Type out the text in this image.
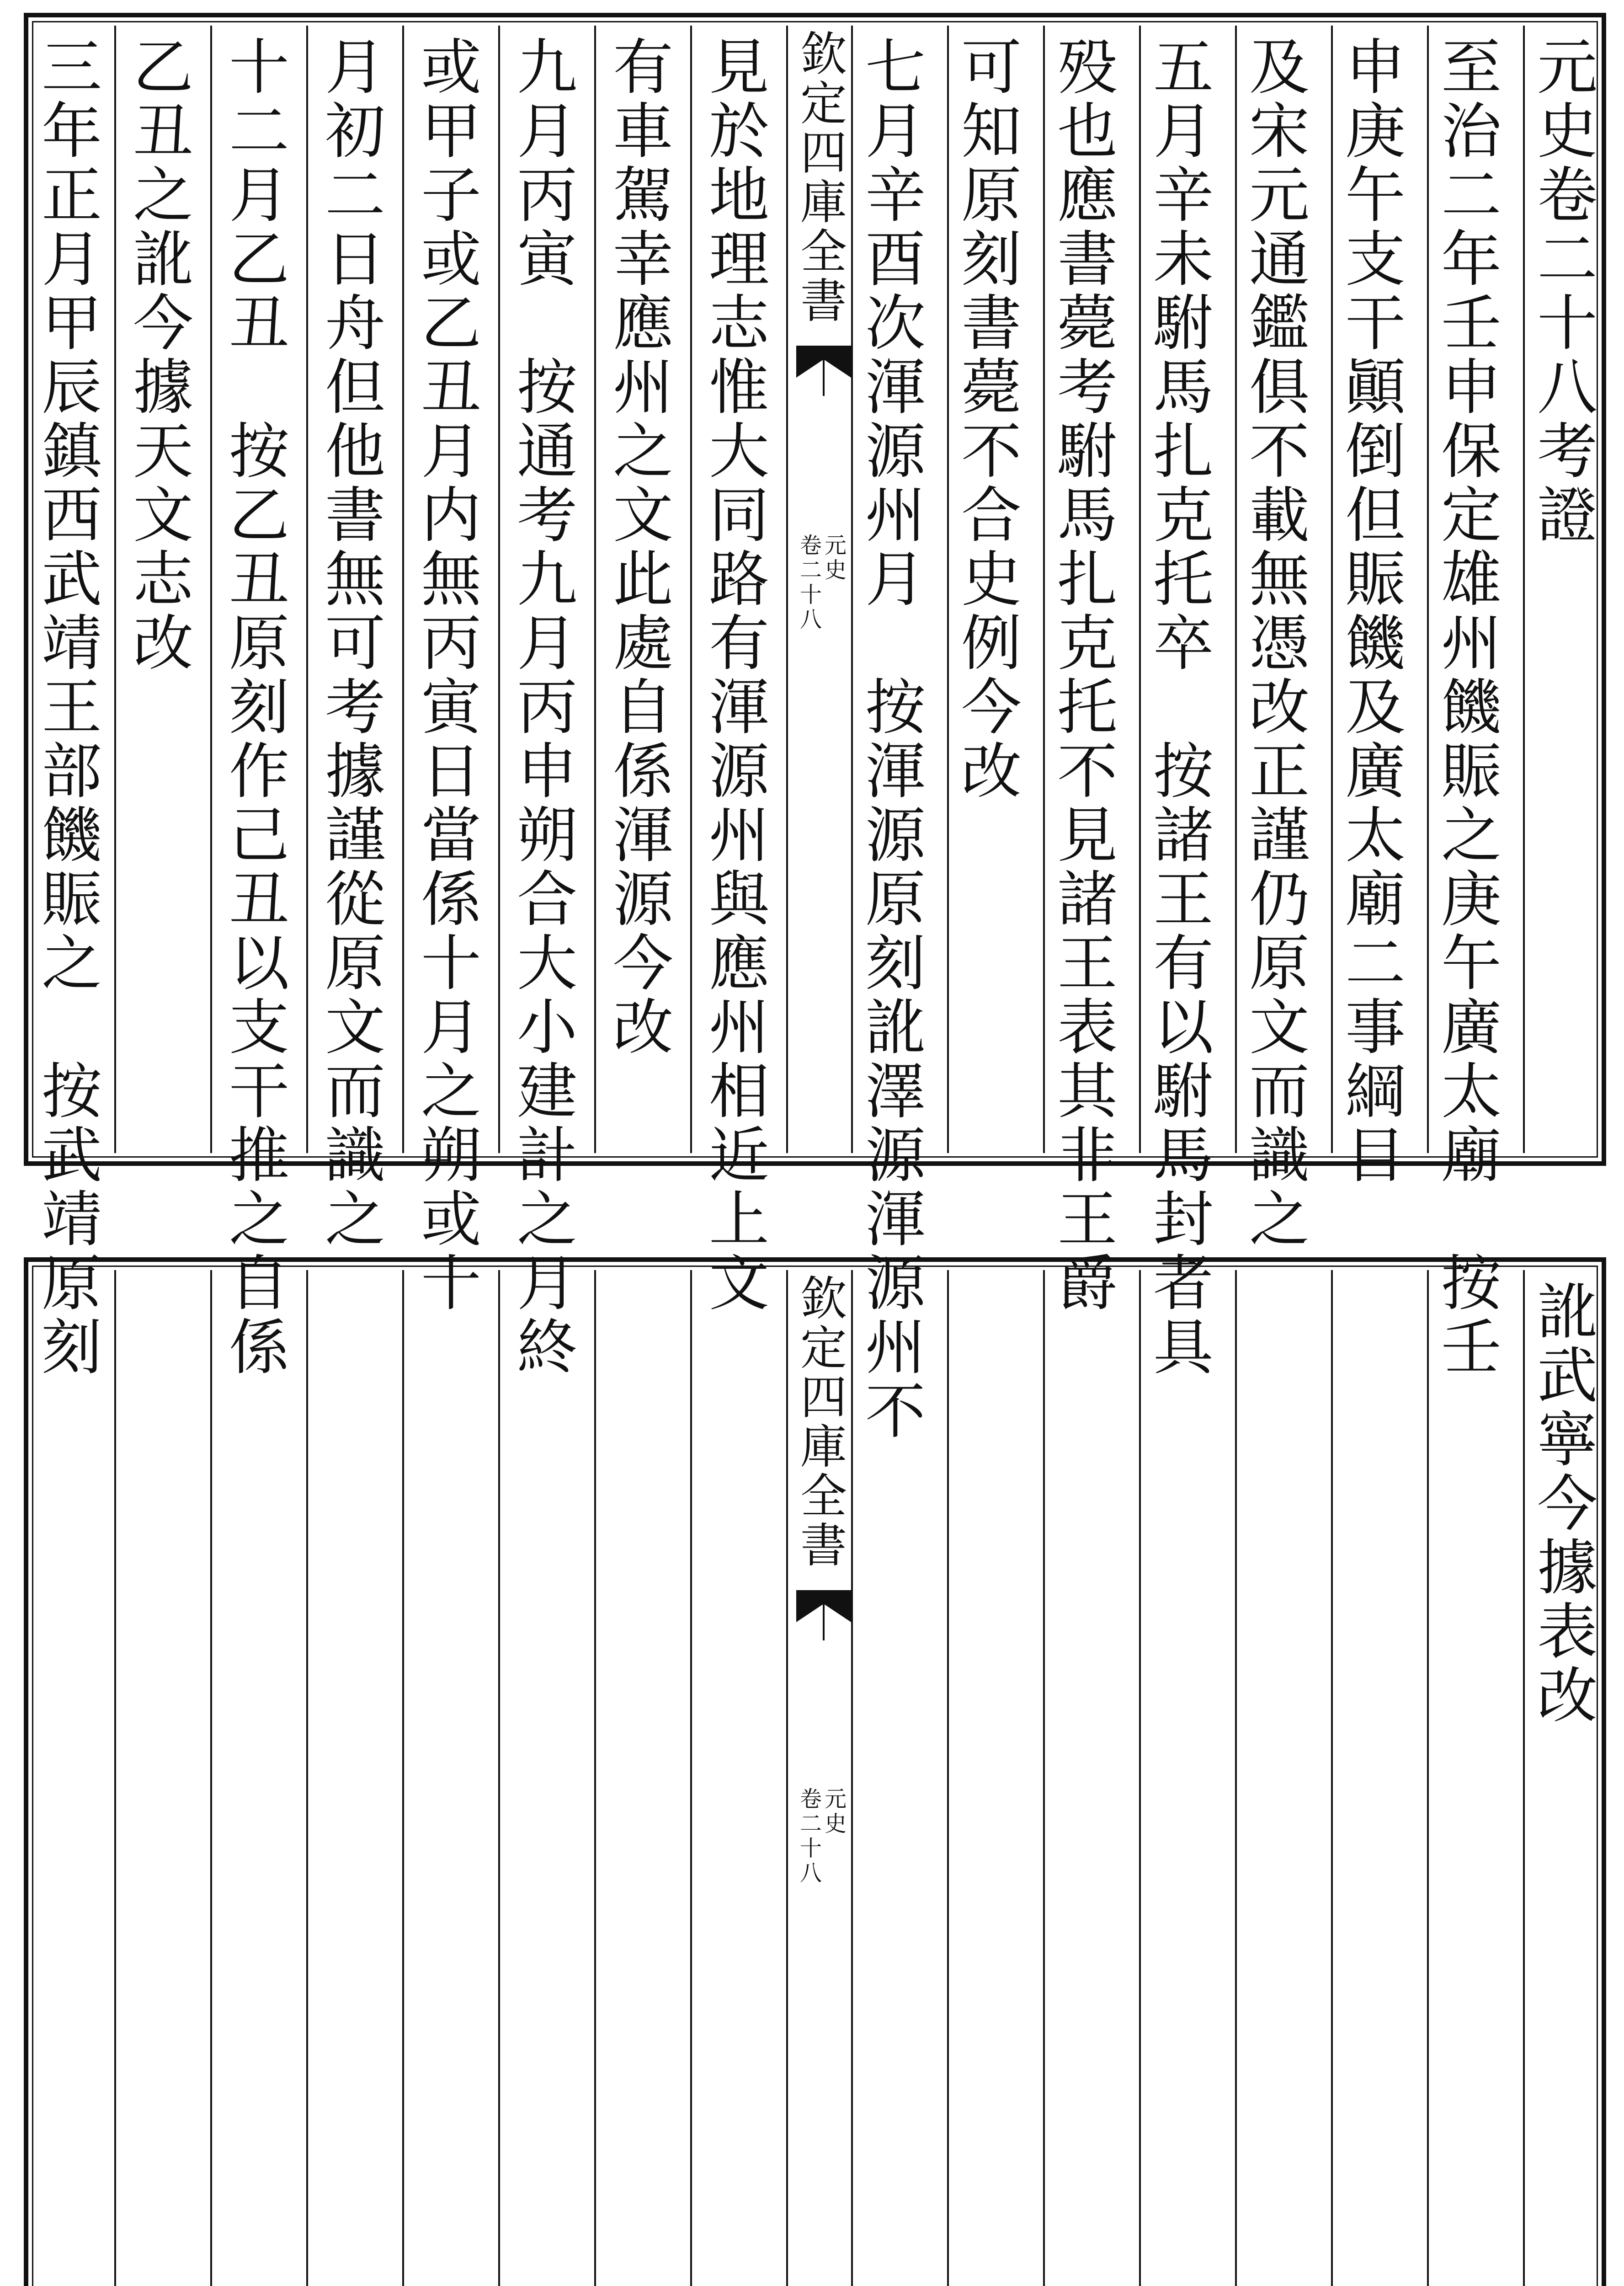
欽
定
四
庫
全
書
元
史
卷
二
十
八
元
史
卷
二
十
八
考
證
至
治
二
年
壬
申
保
定
雄
州
饑
賑
之
庚
午
廣
太
廟
按
壬
申
庚
午
支
干
顚
倒
但
賑
饑
及
廣
太
廟
二
事
綱
目
及
宋
元
通
鑑
俱
不
載
無
憑
改
正
謹
仍
原
文
而
識
之
五
月
辛
未
駙
馬
扎
克
托
卒
按
諸
王
有
以
駙
馬
封
者
具
殁
也
應
書
薨
考
駙
馬
扎
克
托
不
見
諸
王
表
其
非
王
爵
可
知
原
刻
書
薨
不
合
史
例
今
改
七
月
辛
酉
次
渾
源
州
月
按
渾
源
原
刻
訛
澤
源
渾
源
州
不
見
於
地
理
志
惟
大
同
路
有
渾
源
州
與
應
州
相
近
上
文
有
車
駕
幸
應
州
之
文
此
處
自
係
渾
源
今
改
九
月
丙
寅
按
通
考
九
月
丙
申
朔
合
大
小
建
計
之
月
終
或
甲
子
或
乙
丑
月
内
無
丙
寅
日
當
係
十
月
之
朔
或
十
月
初
二
日
舟
但
他
書
無
可
考
據
謹
從
原
文
而
識
之
十
二
月
乙
丑
按
乙
丑
原
刻
作
己
丑
以
支
干
推
之
自
係
乙
丑
之
訛
今
據
天
文
志
改
三
年
正
月
甲
辰
鎮
西
武
靖
王
部
饑
賑
之
按
武
靖
原
刻
欽
定
四
庫
全
書
元
史
卷
二
十
八
訛
武
寧
今
據
表
改
